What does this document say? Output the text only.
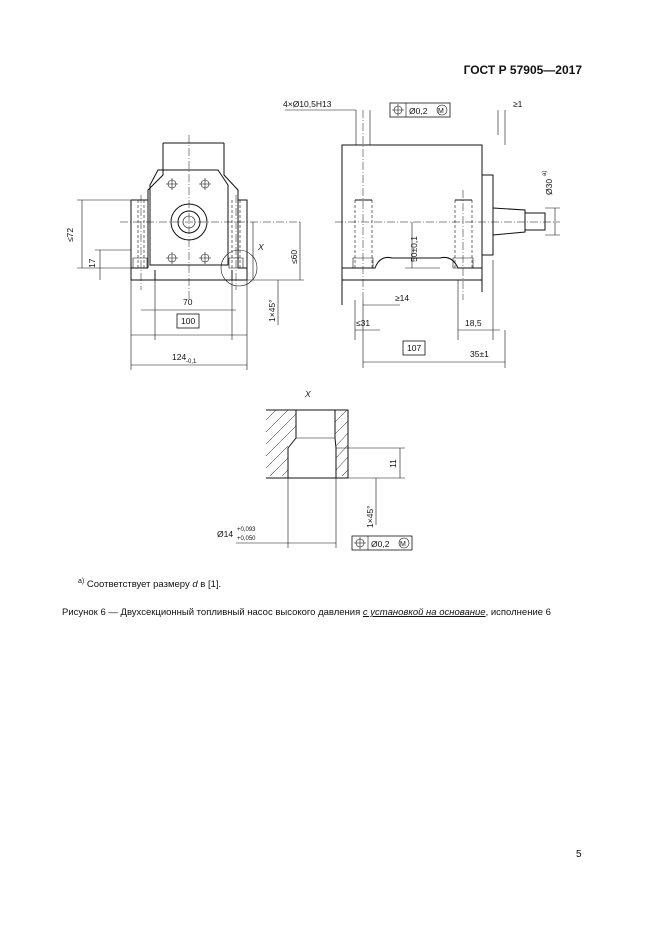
ГОСТ Р 57905—2017
4×Ø10,5H13
Ø0,2 M
≥1
≤72
17	≤60
70
100	1×45°
124 -0,1
X	50±0,1
Ø30
а)
≥14
≤31	18,5
107
35±1
X
11
1×45°
Ø14 +0,093
+0,050	Ø0,2 M
$^{а)}$ Соответствует размеру d в [1].
Рисунок 6 — Двухсекционный топливный насос высокого давления с установкой на основание, исполнение 6
5
